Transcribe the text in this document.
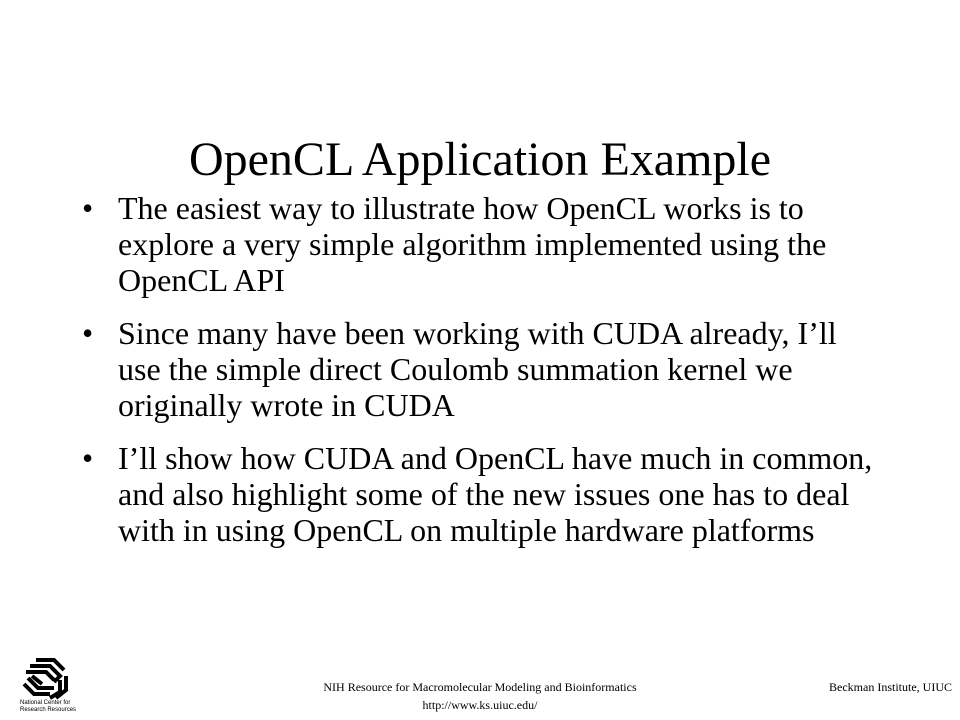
OpenCL Application Example
• The easiest way to illustrate how OpenCL works is to explore a very simple algorithm implemented using the OpenCL API
• Since many have been working with CUDA already, I’ll use the simple direct Coulomb summation kernel we originally wrote in CUDA
• I’ll show how CUDA and OpenCL have much in common, and also highlight some of the new issues one has to deal with in using OpenCL on multiple hardware platforms
National Center for
Research Resources
NIH Resource for Macromolecular Modeling and Bioinformatics
http://www.ks.uiuc.edu/
Beckman Institute, UIUC
